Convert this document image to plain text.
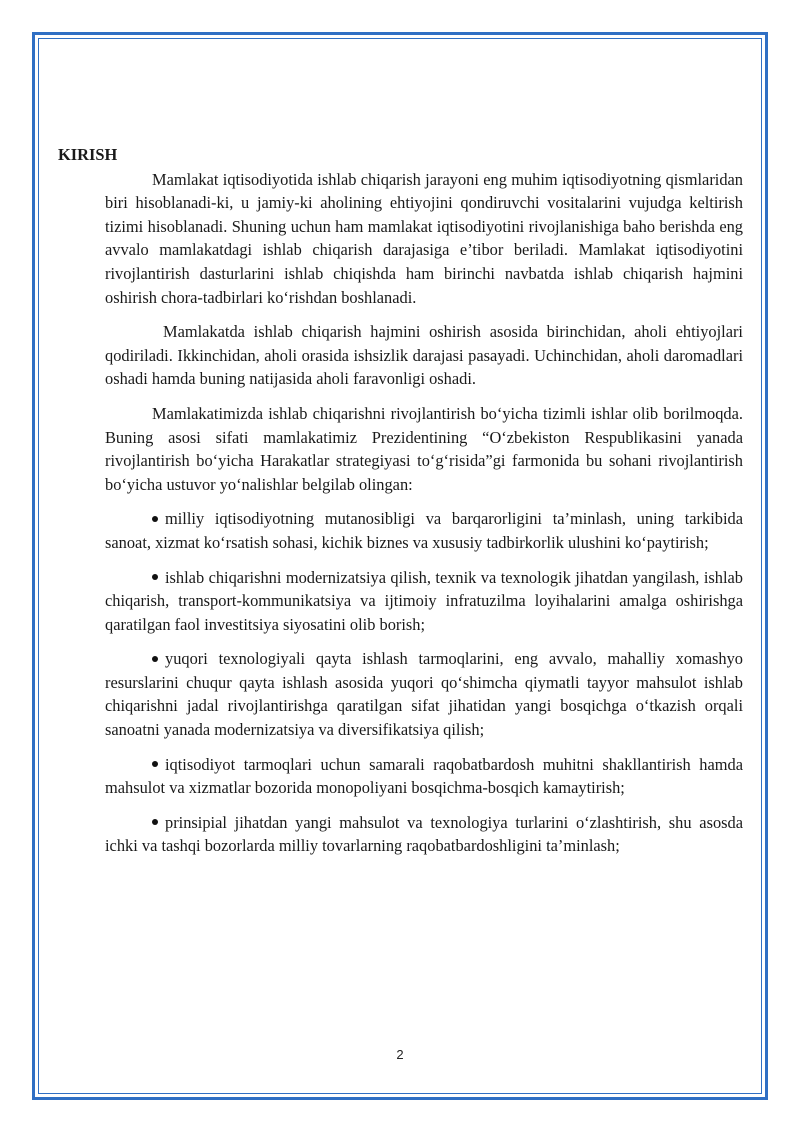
KIRISH

Mamlakat iqtisodiyotida ishlab chiqarish jarayoni eng muhim iqtisodiyotning qismlaridan biri hisoblanadi-ki, u jamiy-ki aholining ehtiyojini qondiruvchi vositalarini vujudga keltirish tizimi hisoblanadi. Shuning uchun ham mamlakat iqtisodiyotini rivojlanishiga baho berishda eng avvalo mamlakatdagi ishlab chiqarish darajasiga e’tibor beriladi. Mamlakat iqtisodiyotini rivojlantirish dasturlarini ishlab chiqishda ham birinchi navbatda ishlab chiqarish hajmini oshirish chora-tadbirlari ko‘rishdan boshlanadi.

Mamlakatda ishlab chiqarish hajmini oshirish asosida birinchidan, aholi ehtiyojlari qodiriladi. Ikkinchidan, aholi orasida ishsizlik darajasi pasayadi. Uchinchidan, aholi daromadlari oshadi hamda buning natijasida aholi faravonligi oshadi.

Mamlakatimizda ishlab chiqarishni rivojlantirish bo‘yicha tizimli ishlar olib borilmoqda. Buning asosi sifati mamlakatimiz Prezidentining “O‘zbekiston Respublikasini yanada rivojlantirish bo‘yicha Harakatlar strategiyasi to‘g‘risida”gi farmonida bu sohani rivojlantirish bo‘yicha ustuvor yo‘nalishlar belgilab olingan:

milliy iqtisodiyotning mutanosibligi va barqarorligini ta’minlash, uning tarkibida sanoat, xizmat ko‘rsatish sohasi, kichik biznes va xususiy tadbirkorlik ulushini ko‘paytirish;

ishlab chiqarishni modernizatsiya qilish, texnik va texnologik jihatdan yangilash, ishlab chiqarish, transport-kommunikatsiya va ijtimoiy infratuzilma loyihalarini amalga oshirishga qaratilgan faol investitsiya siyosatini olib borish;

yuqori texnologiyali qayta ishlash tarmoqlarini, eng avvalo, mahalliy xomashyo resurslarini chuqur qayta ishlash asosida yuqori qo‘shimcha qiymatli tayyor mahsulot ishlab chiqarishni jadal rivojlantirishga qaratilgan sifat jihatidan yangi bosqichga o‘tkazish orqali sanoatni yanada modernizatsiya va diversifikatsiya qilish;

iqtisodiyot tarmoqlari uchun samarali raqobatbardosh muhitni shakllantirish hamda mahsulot va xizmatlar bozorida monopoliyani bosqichma-bosqich kamaytirish;

prinsipial jihatdan yangi mahsulot va texnologiya turlarini o‘zlashtirish, shu asosda ichki va tashqi bozorlarda milliy tovarlarning raqobatbardoshligini ta’minlash;

2
